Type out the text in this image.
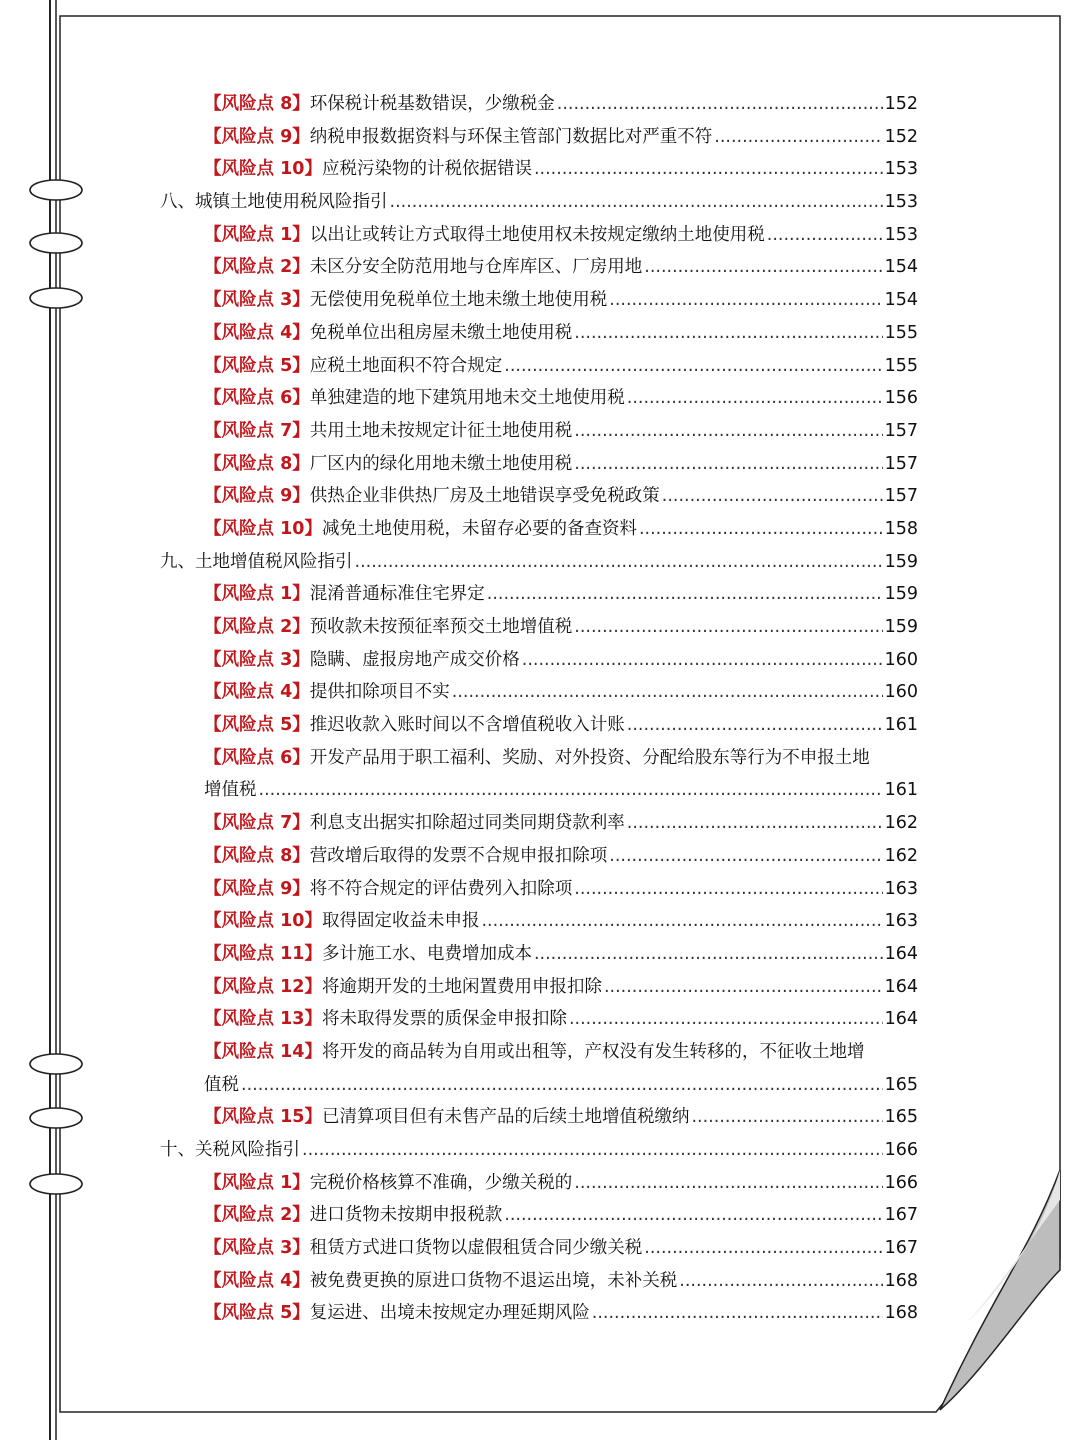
【风险点 8】 环保税计税基数错误，少缴税金 .....	152
【风险点 9】 纳税申报数据资料与环保主管部门数据比对严重不符 .....	152
【风险点 10】 应税污染物的计税依据错误 .....	153
八、城镇土地使用税风险指引 .....	153
【风险点 1】 以出让或转让方式取得土地使用权未按规定缴纳土地使用税 .....	153
【风险点 2】 未区分安全防范用地与仓库库区、厂房用地 .....	154
【风险点 3】 无偿使用免税单位土地未缴土地使用税 .....	154
【风险点 4】 免税单位出租房屋未缴土地使用税 .....	155
【风险点 5】 应税土地面积不符合规定 .....	155
【风险点 6】 单独建造的地下建筑用地未交土地使用税 .....	156
【风险点 7】 共用土地未按规定计征土地使用税 .....	157
【风险点 8】 厂区内的绿化用地未缴土地使用税 .....	157
【风险点 9】 供热企业非供热厂房及土地错误享受免税政策 .....	157
【风险点 10】 减免土地使用税，未留存必要的备查资料 .....	158
九、土地增值税风险指引 .....	159
【风险点 1】 混淆普通标准住宅界定 .....	159
【风险点 2】 预收款未按预征率预交土地增值税 .....	159
【风险点 3】 隐瞒、虚报房地产成交价格 .....	160
【风险点 4】 提供扣除项目不实 .....	160
【风险点 5】 推迟收款入账时间以不含增值税收入计账 .....	161
【风险点 6】 开发产品用于职工福利、奖励、对外投资、分配给股东等行为不申报土地
增值税 .....	161
【风险点 7】 利息支出据实扣除超过同类同期贷款利率 .....	162
【风险点 8】 营改增后取得的发票不合规申报扣除项 .....	162
【风险点 9】 将不符合规定的评估费列入扣除项 .....	163
【风险点 10】 取得固定收益未申报 .....	163
【风险点 11】 多计施工水、电费增加成本 .....	164
【风险点 12】 将逾期开发的土地闲置费用申报扣除 .....	164
【风险点 13】 将未取得发票的质保金申报扣除 .....	164
【风险点 14】 将开发的商品转为自用或出租等，产权没有发生转移的，不征收土地增
值税 .....	165
【风险点 15】 已清算项目但有未售产品的后续土地增值税缴纳 .....	165
十、关税风险指引 .....	166
【风险点 1】 完税价格核算不准确，少缴关税的 .....	166
【风险点 2】 进口货物未按期申报税款 .....	167
【风险点 3】 租赁方式进口货物以虚假租赁合同少缴关税 .....	167
【风险点 4】 被免费更换的原进口货物不退运出境，未补关税 .....	168
【风险点 5】 复运进、出境未按规定办理延期风险 .....	168
